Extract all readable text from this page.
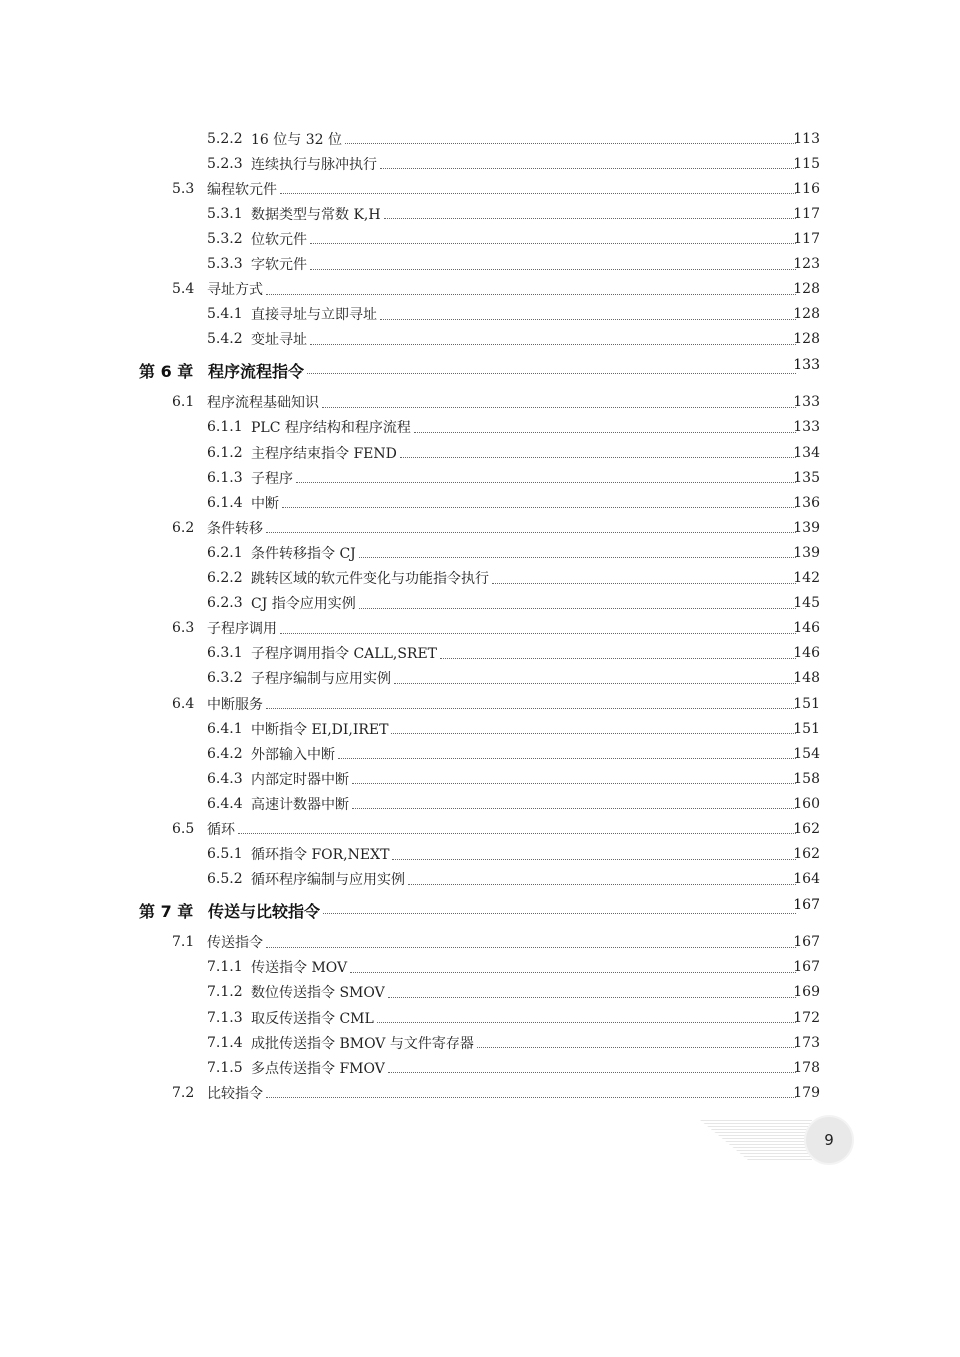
5.2.2 16 位与 32 位	113
5.2.3 连续执行与脉冲执行	115
5.3 编程软元件	116
5.3.1 数据类型与常数 K,H	117
5.3.2 位软元件	117
5.3.3 字软元件	123
5.4 寻址方式	128
5.4.1 直接寻址与立即寻址	128
5.4.2 变址寻址	128
第 6 章 程序流程指令	133
6.1 程序流程基础知识	133
6.1.1 PLC 程序结构和程序流程	133
6.1.2 主程序结束指令 FEND	134
6.1.3 子程序	135
6.1.4 中断	136
6.2 条件转移	139
6.2.1 条件转移指令 CJ	139
6.2.2 跳转区域的软元件变化与功能指令执行	142
6.2.3 CJ 指令应用实例	145
6.3 子程序调用	146
6.3.1 子程序调用指令 CALL,SRET	146
6.3.2 子程序编制与应用实例	148
6.4 中断服务	151
6.4.1 中断指令 EI,DI,IRET	151
6.4.2 外部输入中断	154
6.4.3 内部定时器中断	158
6.4.4 高速计数器中断	160
6.5 循环	162
6.5.1 循环指令 FOR,NEXT	162
6.5.2 循环程序编制与应用实例	164
第 7 章 传送与比较指令	167
7.1 传送指令	167
7.1.1 传送指令 MOV	167
7.1.2 数位传送指令 SMOV	169
7.1.3 取反传送指令 CML	172
7.1.4 成批传送指令 BMOV 与文件寄存器	173
7.1.5 多点传送指令 FMOV	178
7.2 比较指令	179
9
